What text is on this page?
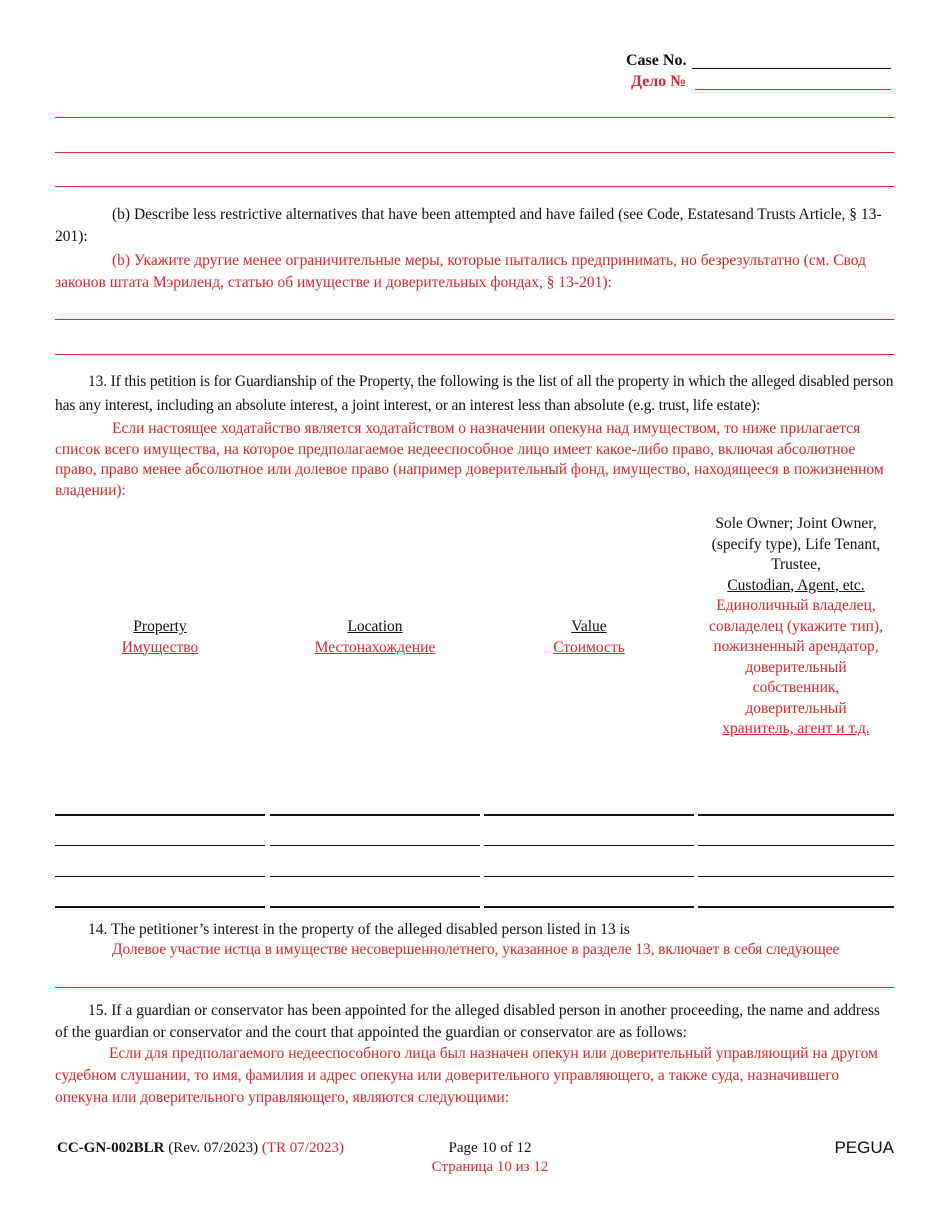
Case No.
Дело №
(b) Describe less restrictive alternatives that have been attempted and have failed (see Code, Estatesand Trusts Article, § 13-201):
(b) Укажите другие менее ограничительные меры, которые пытались предпринимать, но безрезультатно (см. Свод законов штата Мэриленд, статью об имуществе и доверительных фондах, § 13-201):
13. If this petition is for Guardianship of the Property, the following is the list of all the property in which the alleged disabled person has any interest, including an absolute interest, a joint interest, or an interest less than absolute (e.g. trust, life estate):
Если настоящее ходатайство является ходатайством о назначении опекуна над имуществом, то ниже прилагается список всего имущества, на которое предполагаемое недееспособное лицо имеет какое-либо право, включая абсолютное право, право менее абсолютное или долевое право (например доверительный фонд, имущество, находящееся в пожизненном владении):
Property
Имущество
Location
Местонахождение
Value
Стоимость
Sole Owner; Joint Owner, (specify type), Life Tenant, Trustee,
Custodian, Agent, etc.
Единоличный владелец, совладелец (укажите тип), пожизненный арендатор, доверительный собственник, доверительный
хранитель, агент и т.д.
14. The petitioner’s interest in the property of the alleged disabled person listed in 13 is
Долевое участие истца в имуществе несовершеннолетнего, указанное в разделе 13, включает в себя следующее
15. If a guardian or conservator has been appointed for the alleged disabled person in another proceeding, the name and address of the guardian or conservator and the court that appointed the guardian or conservator are as follows:
Если для предполагаемого недееспособного лица был назначен опекун или доверительный управляющий на другом судебном слушании, то имя, фамилия и адрес опекуна или доверительного управляющего, а также суда, назначившего опекуна или доверительного управляющего, являются следующими:
CC-GN-002BLR (Rev. 07/2023) (TR 07/2023)	Page 10 of 12
Страница 10 из 12
PEGUA
